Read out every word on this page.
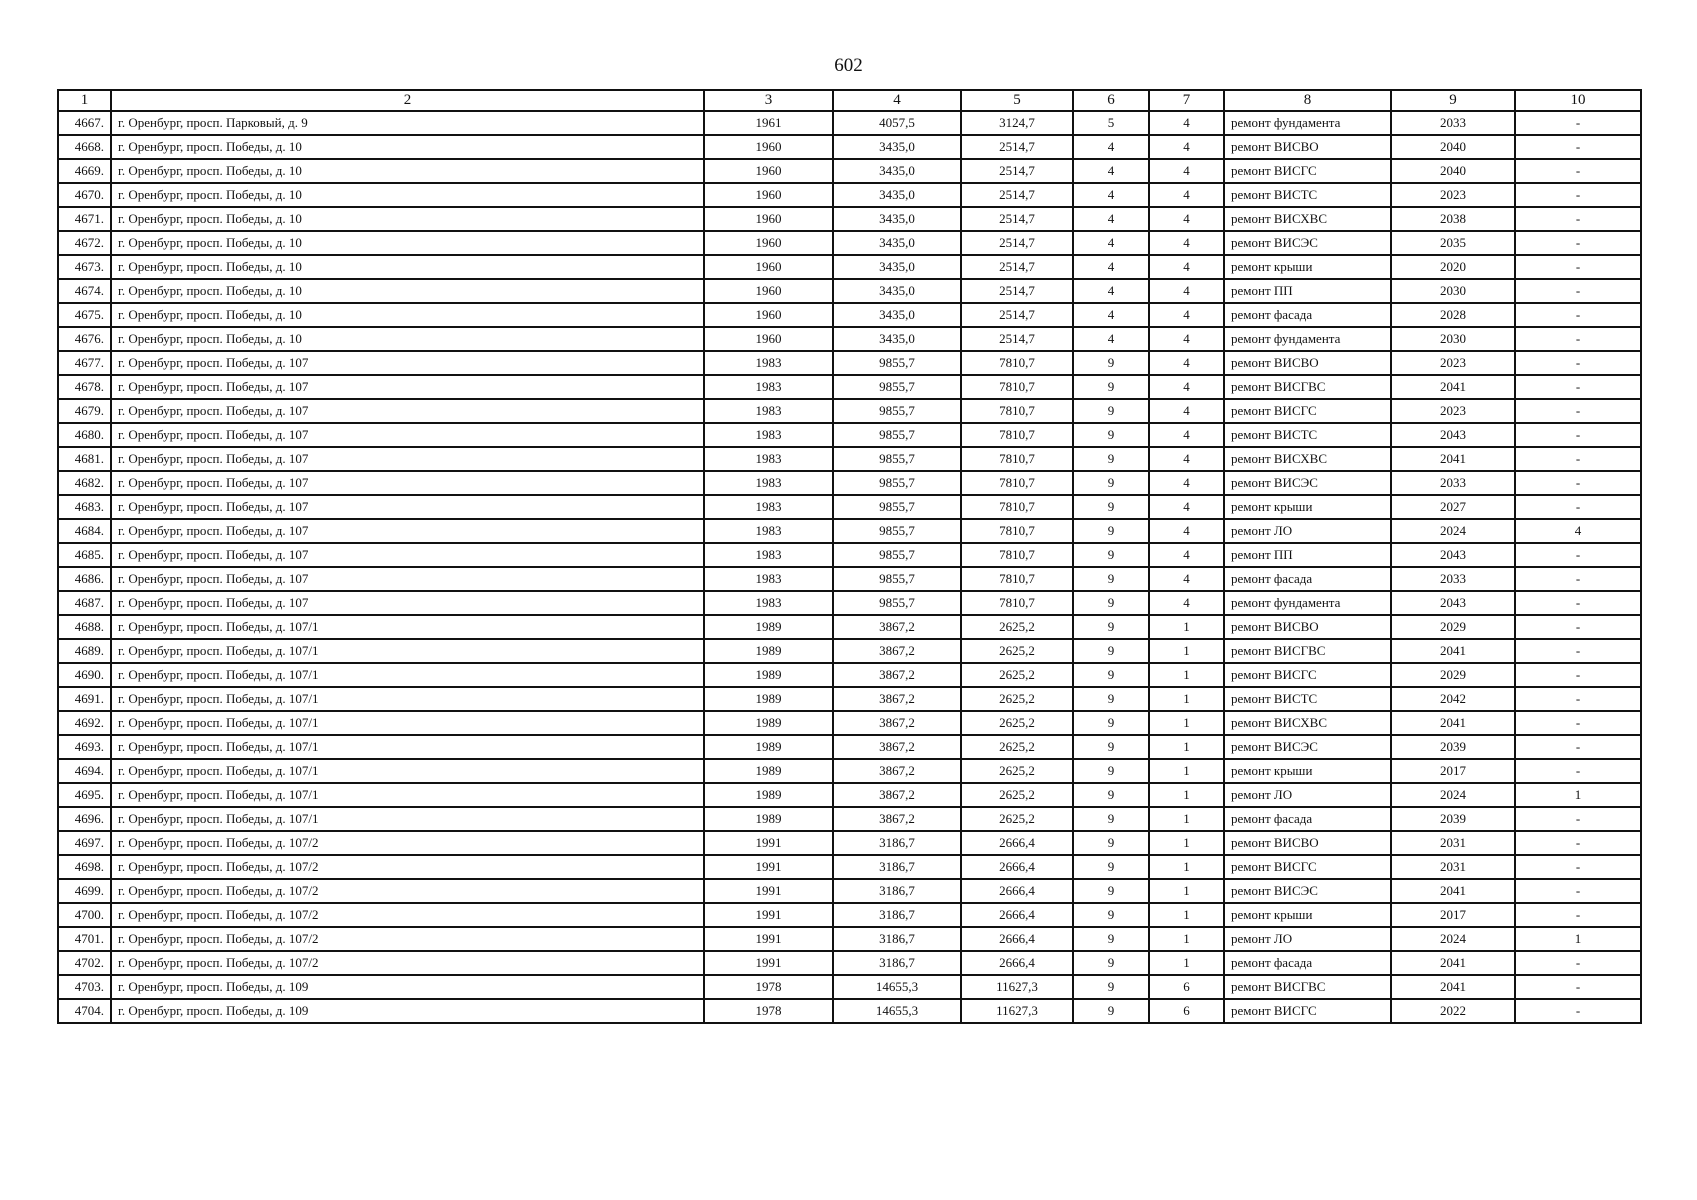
602
1	2	3	4	5	6	7	8	9	10
4667.	г. Оренбург, просп. Парковый, д. 9	1961	4057,5	3124,7	5	4	ремонт фундамента	2033	-
4668.	г. Оренбург, просп. Победы, д. 10	1960	3435,0	2514,7	4	4	ремонт ВИСВО	2040	-
4669.	г. Оренбург, просп. Победы, д. 10	1960	3435,0	2514,7	4	4	ремонт ВИСГС	2040	-
4670.	г. Оренбург, просп. Победы, д. 10	1960	3435,0	2514,7	4	4	ремонт ВИСТС	2023	-
4671.	г. Оренбург, просп. Победы, д. 10	1960	3435,0	2514,7	4	4	ремонт ВИСХВС	2038	-
4672.	г. Оренбург, просп. Победы, д. 10	1960	3435,0	2514,7	4	4	ремонт ВИСЭС	2035	-
4673.	г. Оренбург, просп. Победы, д. 10	1960	3435,0	2514,7	4	4	ремонт крыши	2020	-
4674.	г. Оренбург, просп. Победы, д. 10	1960	3435,0	2514,7	4	4	ремонт ПП	2030	-
4675.	г. Оренбург, просп. Победы, д. 10	1960	3435,0	2514,7	4	4	ремонт фасада	2028	-
4676.	г. Оренбург, просп. Победы, д. 10	1960	3435,0	2514,7	4	4	ремонт фундамента	2030	-
4677.	г. Оренбург, просп. Победы, д. 107	1983	9855,7	7810,7	9	4	ремонт ВИСВО	2023	-
4678.	г. Оренбург, просп. Победы, д. 107	1983	9855,7	7810,7	9	4	ремонт ВИСГВС	2041	-
4679.	г. Оренбург, просп. Победы, д. 107	1983	9855,7	7810,7	9	4	ремонт ВИСГС	2023	-
4680.	г. Оренбург, просп. Победы, д. 107	1983	9855,7	7810,7	9	4	ремонт ВИСТС	2043	-
4681.	г. Оренбург, просп. Победы, д. 107	1983	9855,7	7810,7	9	4	ремонт ВИСХВС	2041	-
4682.	г. Оренбург, просп. Победы, д. 107	1983	9855,7	7810,7	9	4	ремонт ВИСЭС	2033	-
4683.	г. Оренбург, просп. Победы, д. 107	1983	9855,7	7810,7	9	4	ремонт крыши	2027	-
4684.	г. Оренбург, просп. Победы, д. 107	1983	9855,7	7810,7	9	4	ремонт ЛО	2024	4
4685.	г. Оренбург, просп. Победы, д. 107	1983	9855,7	7810,7	9	4	ремонт ПП	2043	-
4686.	г. Оренбург, просп. Победы, д. 107	1983	9855,7	7810,7	9	4	ремонт фасада	2033	-
4687.	г. Оренбург, просп. Победы, д. 107	1983	9855,7	7810,7	9	4	ремонт фундамента	2043	-
4688.	г. Оренбург, просп. Победы, д. 107/1	1989	3867,2	2625,2	9	1	ремонт ВИСВО	2029	-
4689.	г. Оренбург, просп. Победы, д. 107/1	1989	3867,2	2625,2	9	1	ремонт ВИСГВС	2041	-
4690.	г. Оренбург, просп. Победы, д. 107/1	1989	3867,2	2625,2	9	1	ремонт ВИСГС	2029	-
4691.	г. Оренбург, просп. Победы, д. 107/1	1989	3867,2	2625,2	9	1	ремонт ВИСТС	2042	-
4692.	г. Оренбург, просп. Победы, д. 107/1	1989	3867,2	2625,2	9	1	ремонт ВИСХВС	2041	-
4693.	г. Оренбург, просп. Победы, д. 107/1	1989	3867,2	2625,2	9	1	ремонт ВИСЭС	2039	-
4694.	г. Оренбург, просп. Победы, д. 107/1	1989	3867,2	2625,2	9	1	ремонт крыши	2017	-
4695.	г. Оренбург, просп. Победы, д. 107/1	1989	3867,2	2625,2	9	1	ремонт ЛО	2024	1
4696.	г. Оренбург, просп. Победы, д. 107/1	1989	3867,2	2625,2	9	1	ремонт фасада	2039	-
4697.	г. Оренбург, просп. Победы, д. 107/2	1991	3186,7	2666,4	9	1	ремонт ВИСВО	2031	-
4698.	г. Оренбург, просп. Победы, д. 107/2	1991	3186,7	2666,4	9	1	ремонт ВИСГС	2031	-
4699.	г. Оренбург, просп. Победы, д. 107/2	1991	3186,7	2666,4	9	1	ремонт ВИСЭС	2041	-
4700.	г. Оренбург, просп. Победы, д. 107/2	1991	3186,7	2666,4	9	1	ремонт крыши	2017	-
4701.	г. Оренбург, просп. Победы, д. 107/2	1991	3186,7	2666,4	9	1	ремонт ЛО	2024	1
4702.	г. Оренбург, просп. Победы, д. 107/2	1991	3186,7	2666,4	9	1	ремонт фасада	2041	-
4703.	г. Оренбург, просп. Победы, д. 109	1978	14655,3	11627,3	9	6	ремонт ВИСГВС	2041	-
4704.	г. Оренбург, просп. Победы, д. 109	1978	14655,3	11627,3	9	6	ремонт ВИСГС	2022	-
